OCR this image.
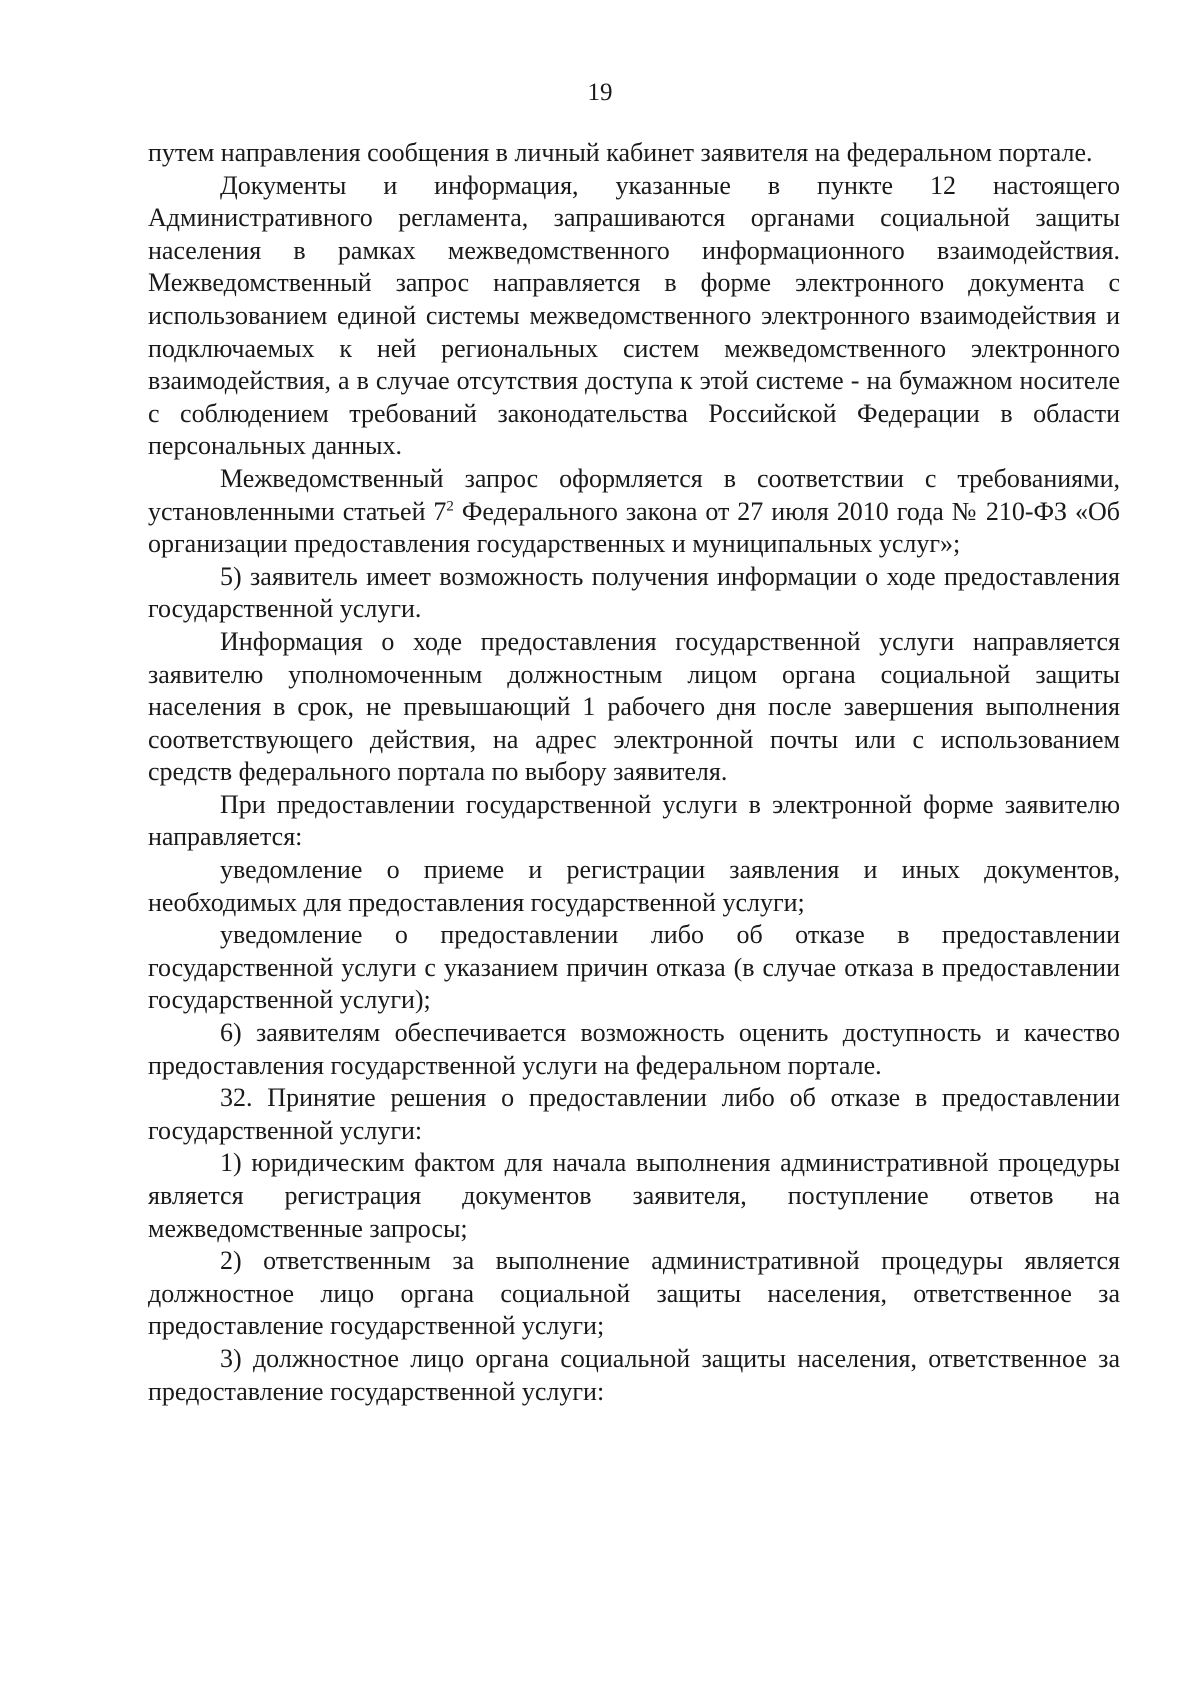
19

путем направления сообщения в личный кабинет заявителя на федеральном портале.

Документы и информация, указанные в пункте 12 настоящего Административного регламента, запрашиваются органами социальной защиты населения в рамках межведомственного информационного взаимодействия. Межведомственный запрос направляется в форме электронного документа с использованием единой системы межведомственного электронного взаимодействия и подключаемых к ней региональных систем межведомственного электронного взаимодействия, а в случае отсутствия доступа к этой системе - на бумажном носителе с соблюдением требований законодательства Российской Федерации в области персональных данных.

Межведомственный запрос оформляется в соответствии с требованиями, установленными статьей $7^2$ Федерального закона от 27 июля 2010 года № 210-ФЗ «Об организации предоставления государственных и муниципальных услуг»;

5) заявитель имеет возможность получения информации о ходе предоставления государственной услуги.

Информация о ходе предоставления государственной услуги направляется заявителю уполномоченным должностным лицом органа социальной защиты населения в срок, не превышающий 1 рабочего дня после завершения выполнения соответствующего действия, на адрес электронной почты или с использованием средств федерального портала по выбору заявителя.

При предоставлении государственной услуги в электронной форме заявителю направляется:

уведомление о приеме и регистрации заявления и иных документов, необходимых для предоставления государственной услуги;

уведомление о предоставлении либо об отказе в предоставлении государственной услуги с указанием причин отказа (в случае отказа в предоставлении государственной услуги);

6) заявителям обеспечивается возможность оценить доступность и качество предоставления государственной услуги на федеральном портале.

32. Принятие решения о предоставлении либо об отказе в предоставлении государственной услуги:

1) юридическим фактом для начала выполнения административной процедуры является регистрация документов заявителя, поступление ответов на межведомственные запросы;

2) ответственным за выполнение административной процедуры является должностное лицо органа социальной защиты населения, ответственное за предоставление государственной услуги;

3) должностное лицо органа социальной защиты населения, ответственное за предоставление государственной услуги:
